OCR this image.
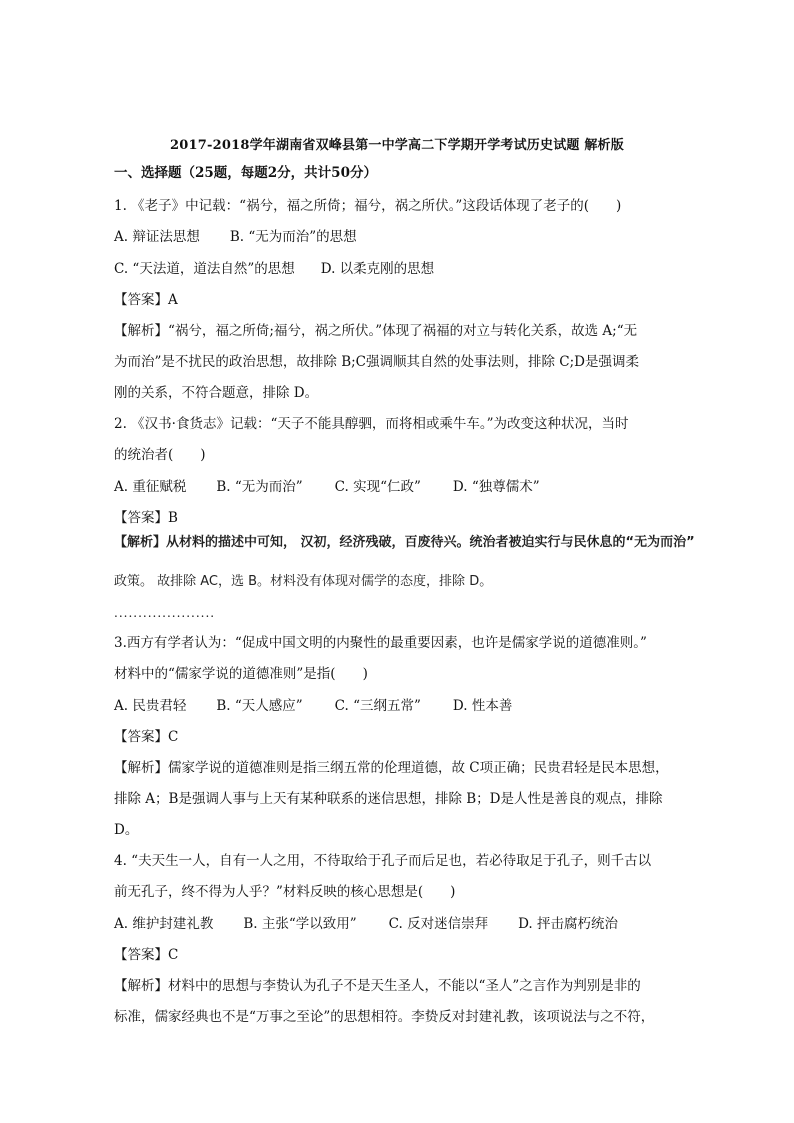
2017-2018学年湖南省双峰县第一中学高二下学期开学考试历史试题 解析版
一、选择题（25题，每题2分，共计50分）
1. 《老子》中记载：“祸兮，福之所倚；福兮，祸之所伏。”这段话体现了老子的(　　)
A. 辩证法思想 B. “无为而治”的思想
C. “天法道，道法自然”的思想 D. 以柔克刚的思想
【答案】A
【解析】“祸兮，福之所倚;福兮，祸之所伏。”体现了祸福的对立与转化关系，故选 A;“无
为而治”是不扰民的政治思想，故排除 B;C强调顺其自然的处事法则，排除 C;D是强调柔
刚的关系，不符合题意，排除 D。
2. 《汉书·食货志》记载：“天子不能具醇驷，而将相或乘牛车。”为改变这种状况，当时
的统治者(　　)
A. 重征赋税 B. “无为而治” C. 实现“仁政” D. “独尊儒术”
【答案】B
【解析】从材料的描述中可知， 汉初，经济残破，百废待兴。统治者被迫实行与民休息的“无为而治”
政策。 故排除 AC，选 B。材料没有体现对儒学的态度，排除 D。
.....................
3.西方有学者认为：“促成中国文明的内聚性的最重要因素，也许是儒家学说的道德准则。”
材料中的“儒家学说的道德准则”是指(　　)
A. 民贵君轻 B. “天人感应” C. “三纲五常” D. 性本善
【答案】C
【解析】儒家学说的道德准则是指三纲五常的伦理道德，故 C项正确；民贵君轻是民本思想，
排除 A；B是强调人事与上天有某种联系的迷信思想，排除 B；D是人性是善良的观点，排除
D。
4. “夫天生一人，自有一人之用，不待取给于孔子而后足也，若必待取足于孔子，则千古以
前无孔子，终不得为人乎？”材料反映的核心思想是(　　)
A. 维护封建礼教 B. 主张“学以致用” C. 反对迷信崇拜 D. 抨击腐朽统治
【答案】C
【解析】材料中的思想与李贽认为孔子不是天生圣人，不能以“圣人”之言作为判别是非的
标准，儒家经典也不是“万事之至论”的思想相符。李贽反对封建礼教，该项说法与之不符，
